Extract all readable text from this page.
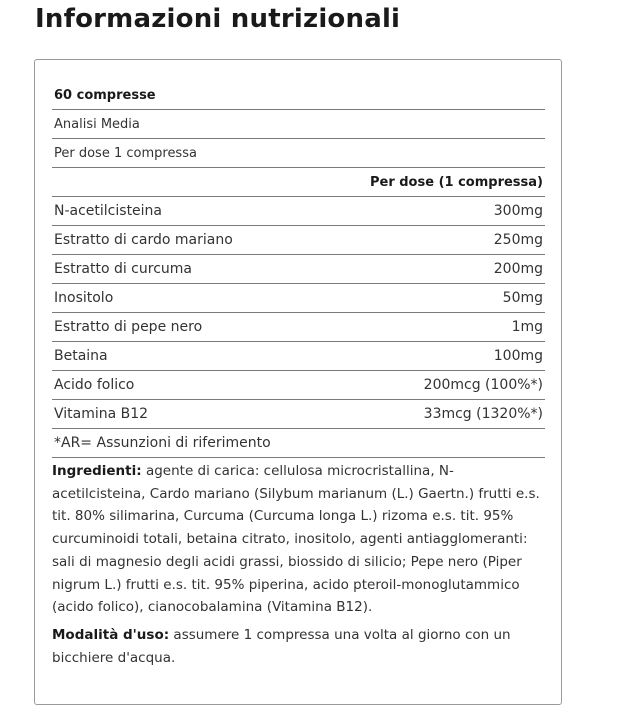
Informazioni nutrizionali
60 compresse
Analisi Media
Per dose 1 compressa
Per dose (1 compressa)
N-acetilcisteina	300mg
Estratto di cardo mariano	250mg
Estratto di curcuma	200mg
Inositolo	50mg
Estratto di pepe nero	1mg
Betaina	100mg
Acido folico	200mcg (100%*)
Vitamina B12	33mcg (1320%*)
*AR= Assunzioni di riferimento

Ingredienti: agente di carica: cellulosa microcristallina, N-acetilcisteina, Cardo mariano (Silybum marianum (L.) Gaertn.) frutti e.s. tit. 80% silimarina, Curcuma (Curcuma longa L.) rizoma e.s. tit. 95% curcuminoidi totali, betaina citrato, inositolo, agenti antiagglomeranti: sali di magnesio degli acidi grassi, biossido di silicio; Pepe nero (Piper nigrum L.) frutti e.s. tit. 95% piperina, acido pteroil-monoglutammico (acido folico), cianocobalamina (Vitamina B12).

Modalità d'uso: assumere 1 compressa una volta al giorno con un bicchiere d'acqua.
